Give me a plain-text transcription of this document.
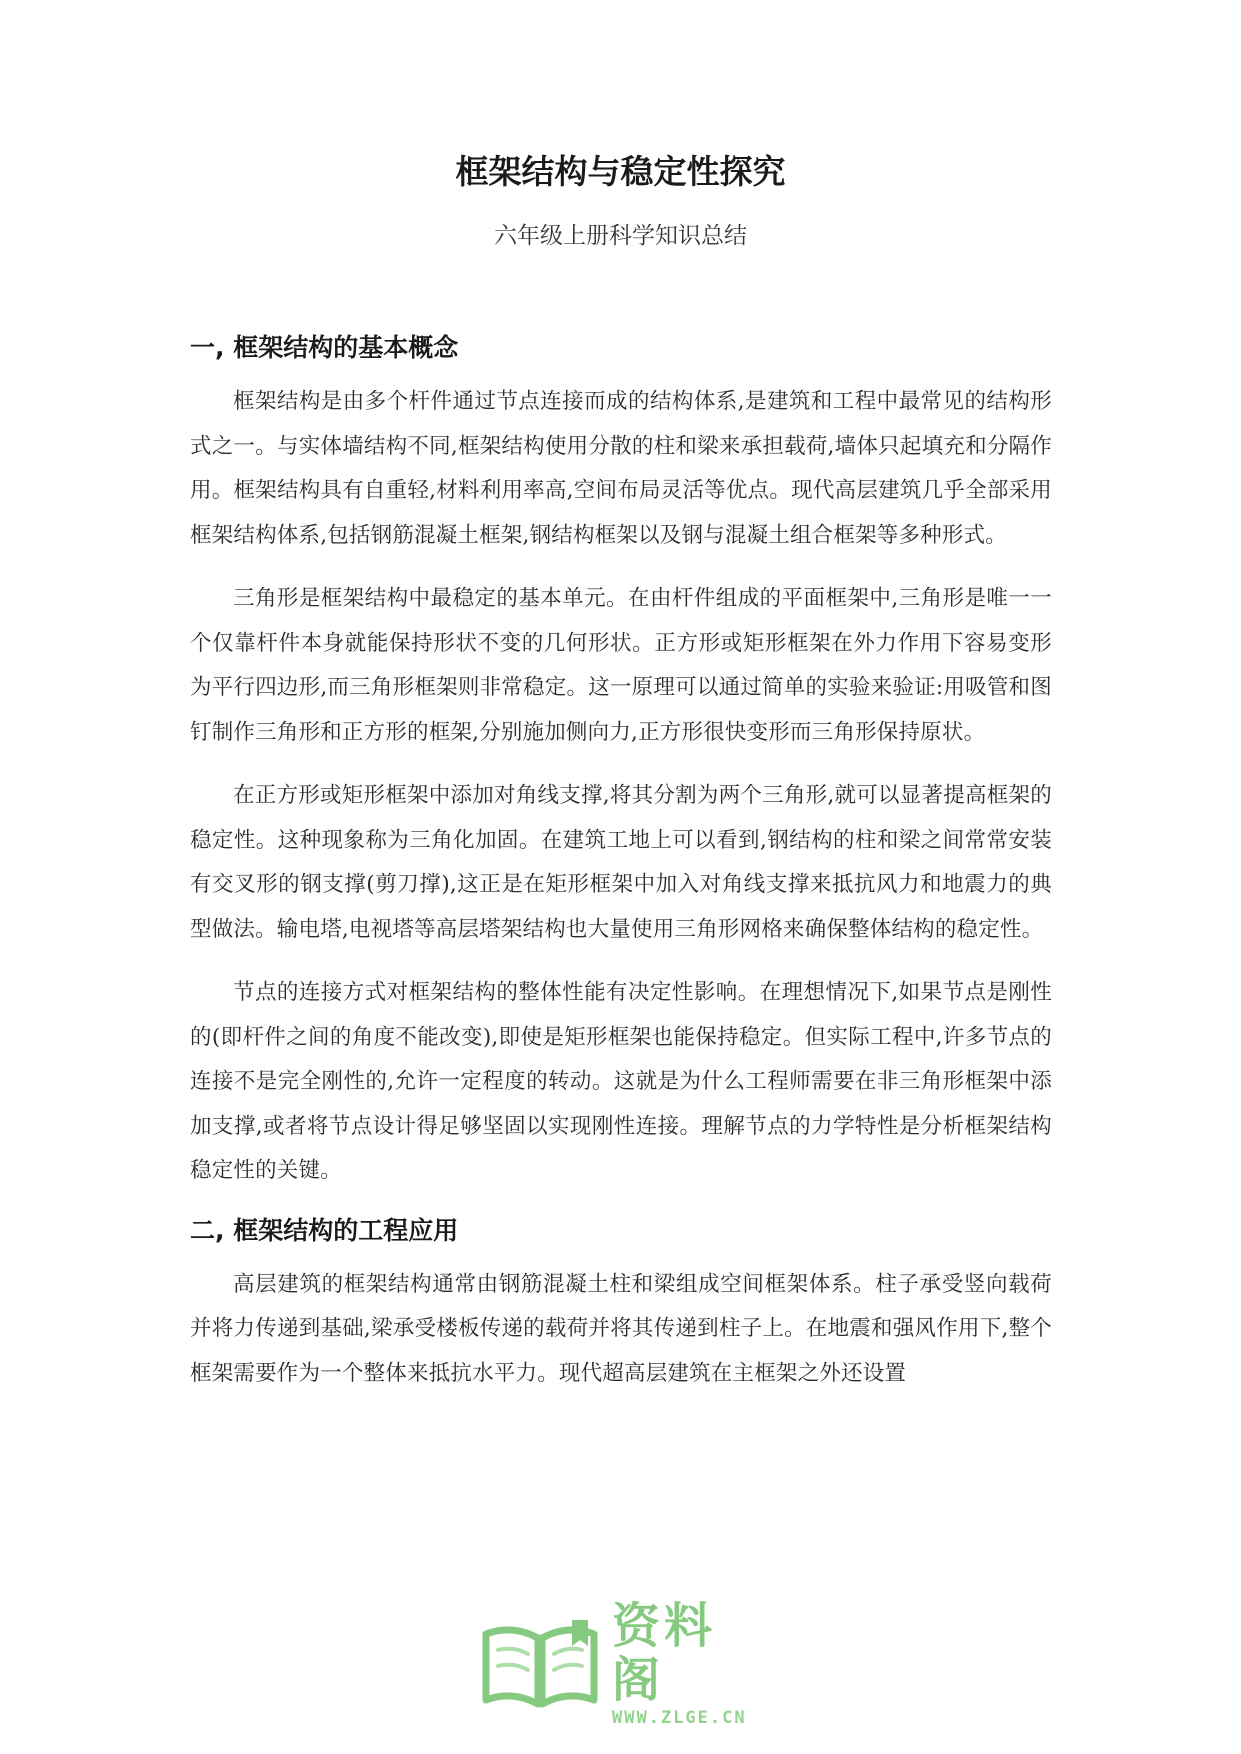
框架结构与稳定性探究

六年级上册科学知识总结

一, 框架结构的基本概念

框架结构是由多个杆件通过节点连接而成的结构体系,是建筑和工程中最常见的结构形式之一。与实体墙结构不同,框架结构使用分散的柱和梁来承担载荷,墙体只起填充和分隔作用。框架结构具有自重轻,材料利用率高,空间布局灵活等优点。现代高层建筑几乎全部采用框架结构体系,包括钢筋混凝土框架,钢结构框架以及钢与混凝土组合框架等多种形式。

三角形是框架结构中最稳定的基本单元。在由杆件组成的平面框架中,三角形是唯一一个仅靠杆件本身就能保持形状不变的几何形状。正方形或矩形框架在外力作用下容易变形为平行四边形,而三角形框架则非常稳定。这一原理可以通过简单的实验来验证:用吸管和图钉制作三角形和正方形的框架,分别施加侧向力,正方形很快变形而三角形保持原状。

在正方形或矩形框架中添加对角线支撑,将其分割为两个三角形,就可以显著提高框架的稳定性。这种现象称为三角化加固。在建筑工地上可以看到,钢结构的柱和梁之间常常安装有交叉形的钢支撑(剪刀撑),这正是在矩形框架中加入对角线支撑来抵抗风力和地震力的典型做法。输电塔,电视塔等高层塔架结构也大量使用三角形网格来确保整体结构的稳定性。

节点的连接方式对框架结构的整体性能有决定性影响。在理想情况下,如果节点是刚性的(即杆件之间的角度不能改变),即使是矩形框架也能保持稳定。但实际工程中,许多节点的连接不是完全刚性的,允许一定程度的转动。这就是为什么工程师需要在非三角形框架中添加支撑,或者将节点设计得足够坚固以实现刚性连接。理解节点的力学特性是分析框架结构稳定性的关键。

二, 框架结构的工程应用

高层建筑的框架结构通常由钢筋混凝土柱和梁组成空间框架体系。柱子承受竖向载荷并将力传递到基础,梁承受楼板传递的载荷并将其传递到柱子上。在地震和强风作用下,整个框架需要作为一个整体来抵抗水平力。现代超高层建筑在主框架之外还设置

资料阁
WWW.ZLGE.CN
